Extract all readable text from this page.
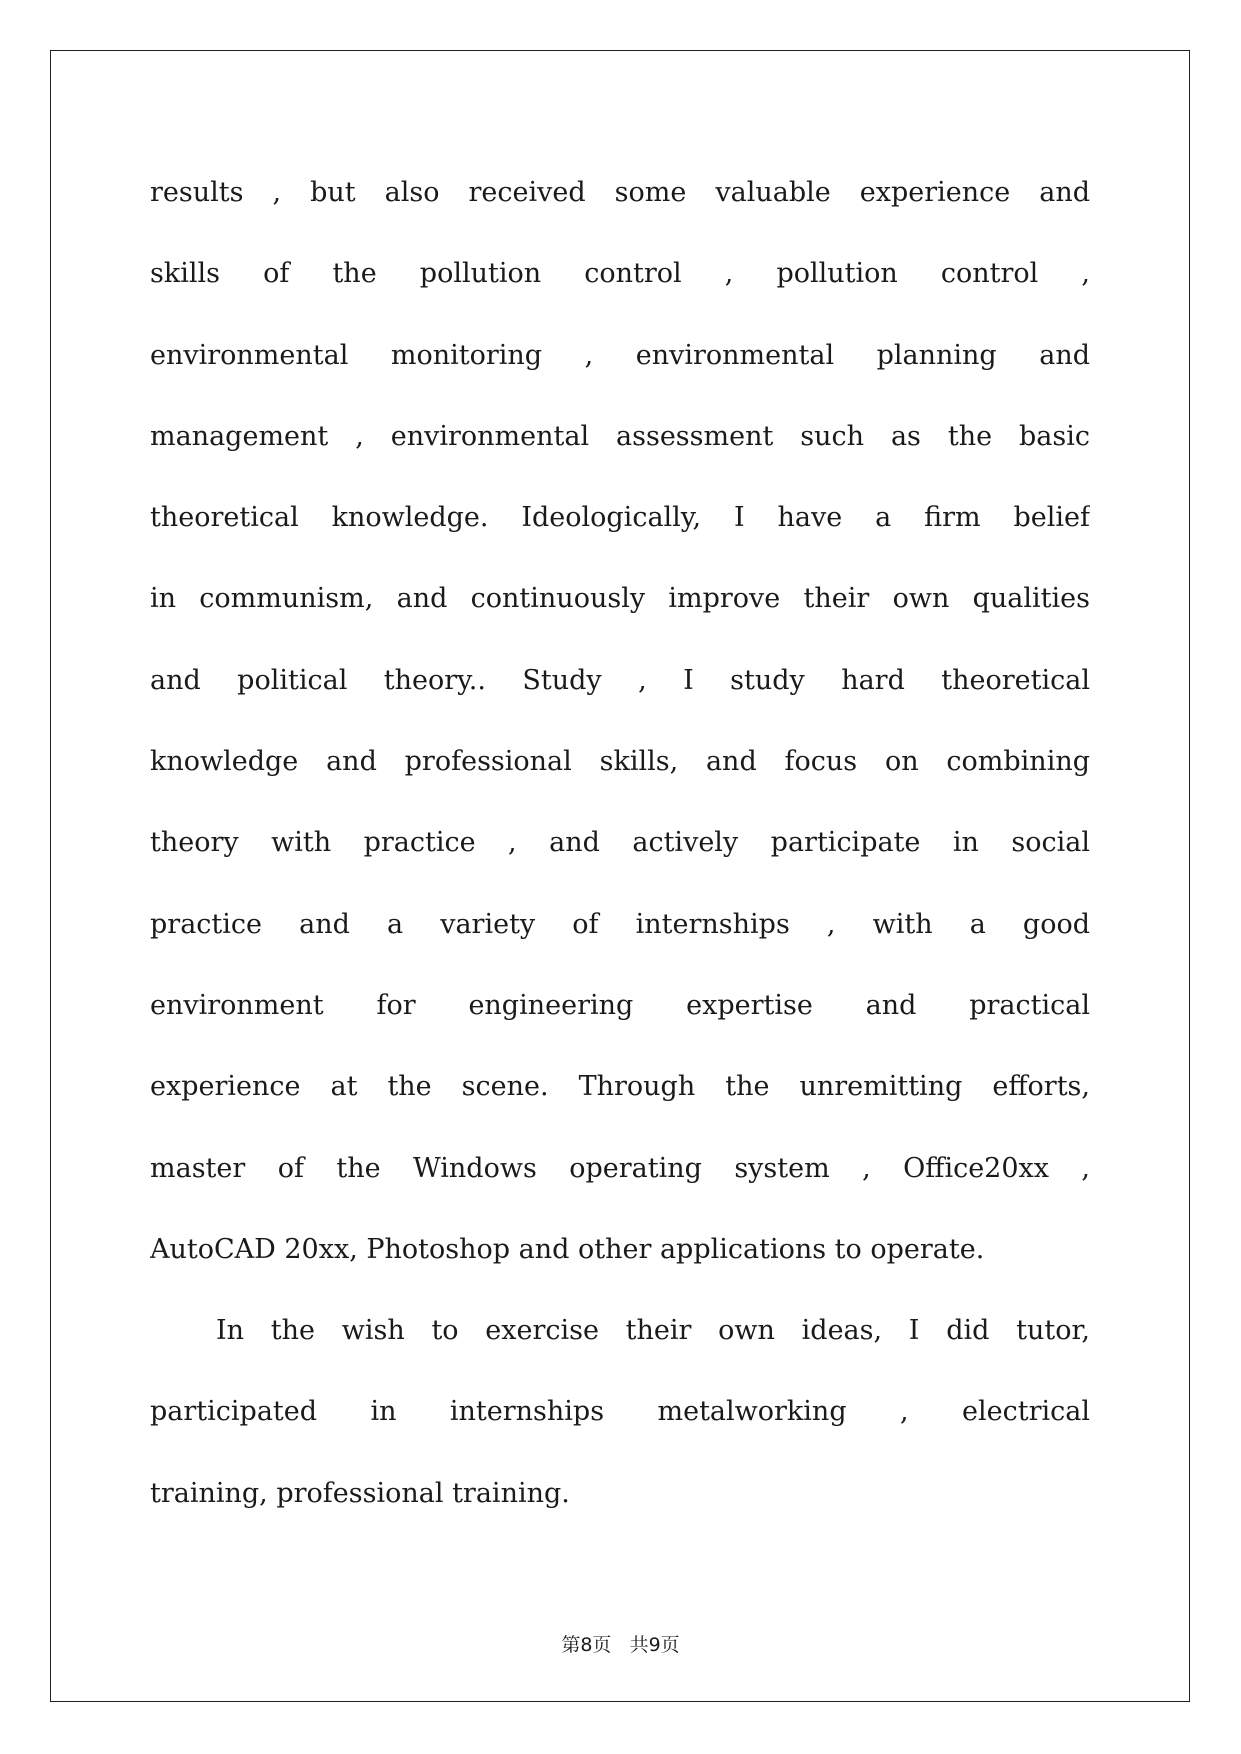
results , but also received some valuable experience and
skills of the pollution control , pollution control ,
environmental monitoring , environmental planning and
management , environmental assessment such as the basic
theoretical knowledge. Ideologically, I have a firm belief
in communism, and continuously improve their own qualities
and political theory.. Study , I study hard theoretical
knowledge and professional skills, and focus on combining
theory with practice , and actively participate in social
practice and a variety of internships , with a good
environment for engineering expertise and practical
experience at the scene. Through the unremitting efforts,
master of the Windows operating system , Office20xx ,
AutoCAD 20xx, Photoshop and other applications to operate.
In the wish to exercise their own ideas, I did tutor,
participated in internships metalworking , electrical
training, professional training.
第8页 共9页
